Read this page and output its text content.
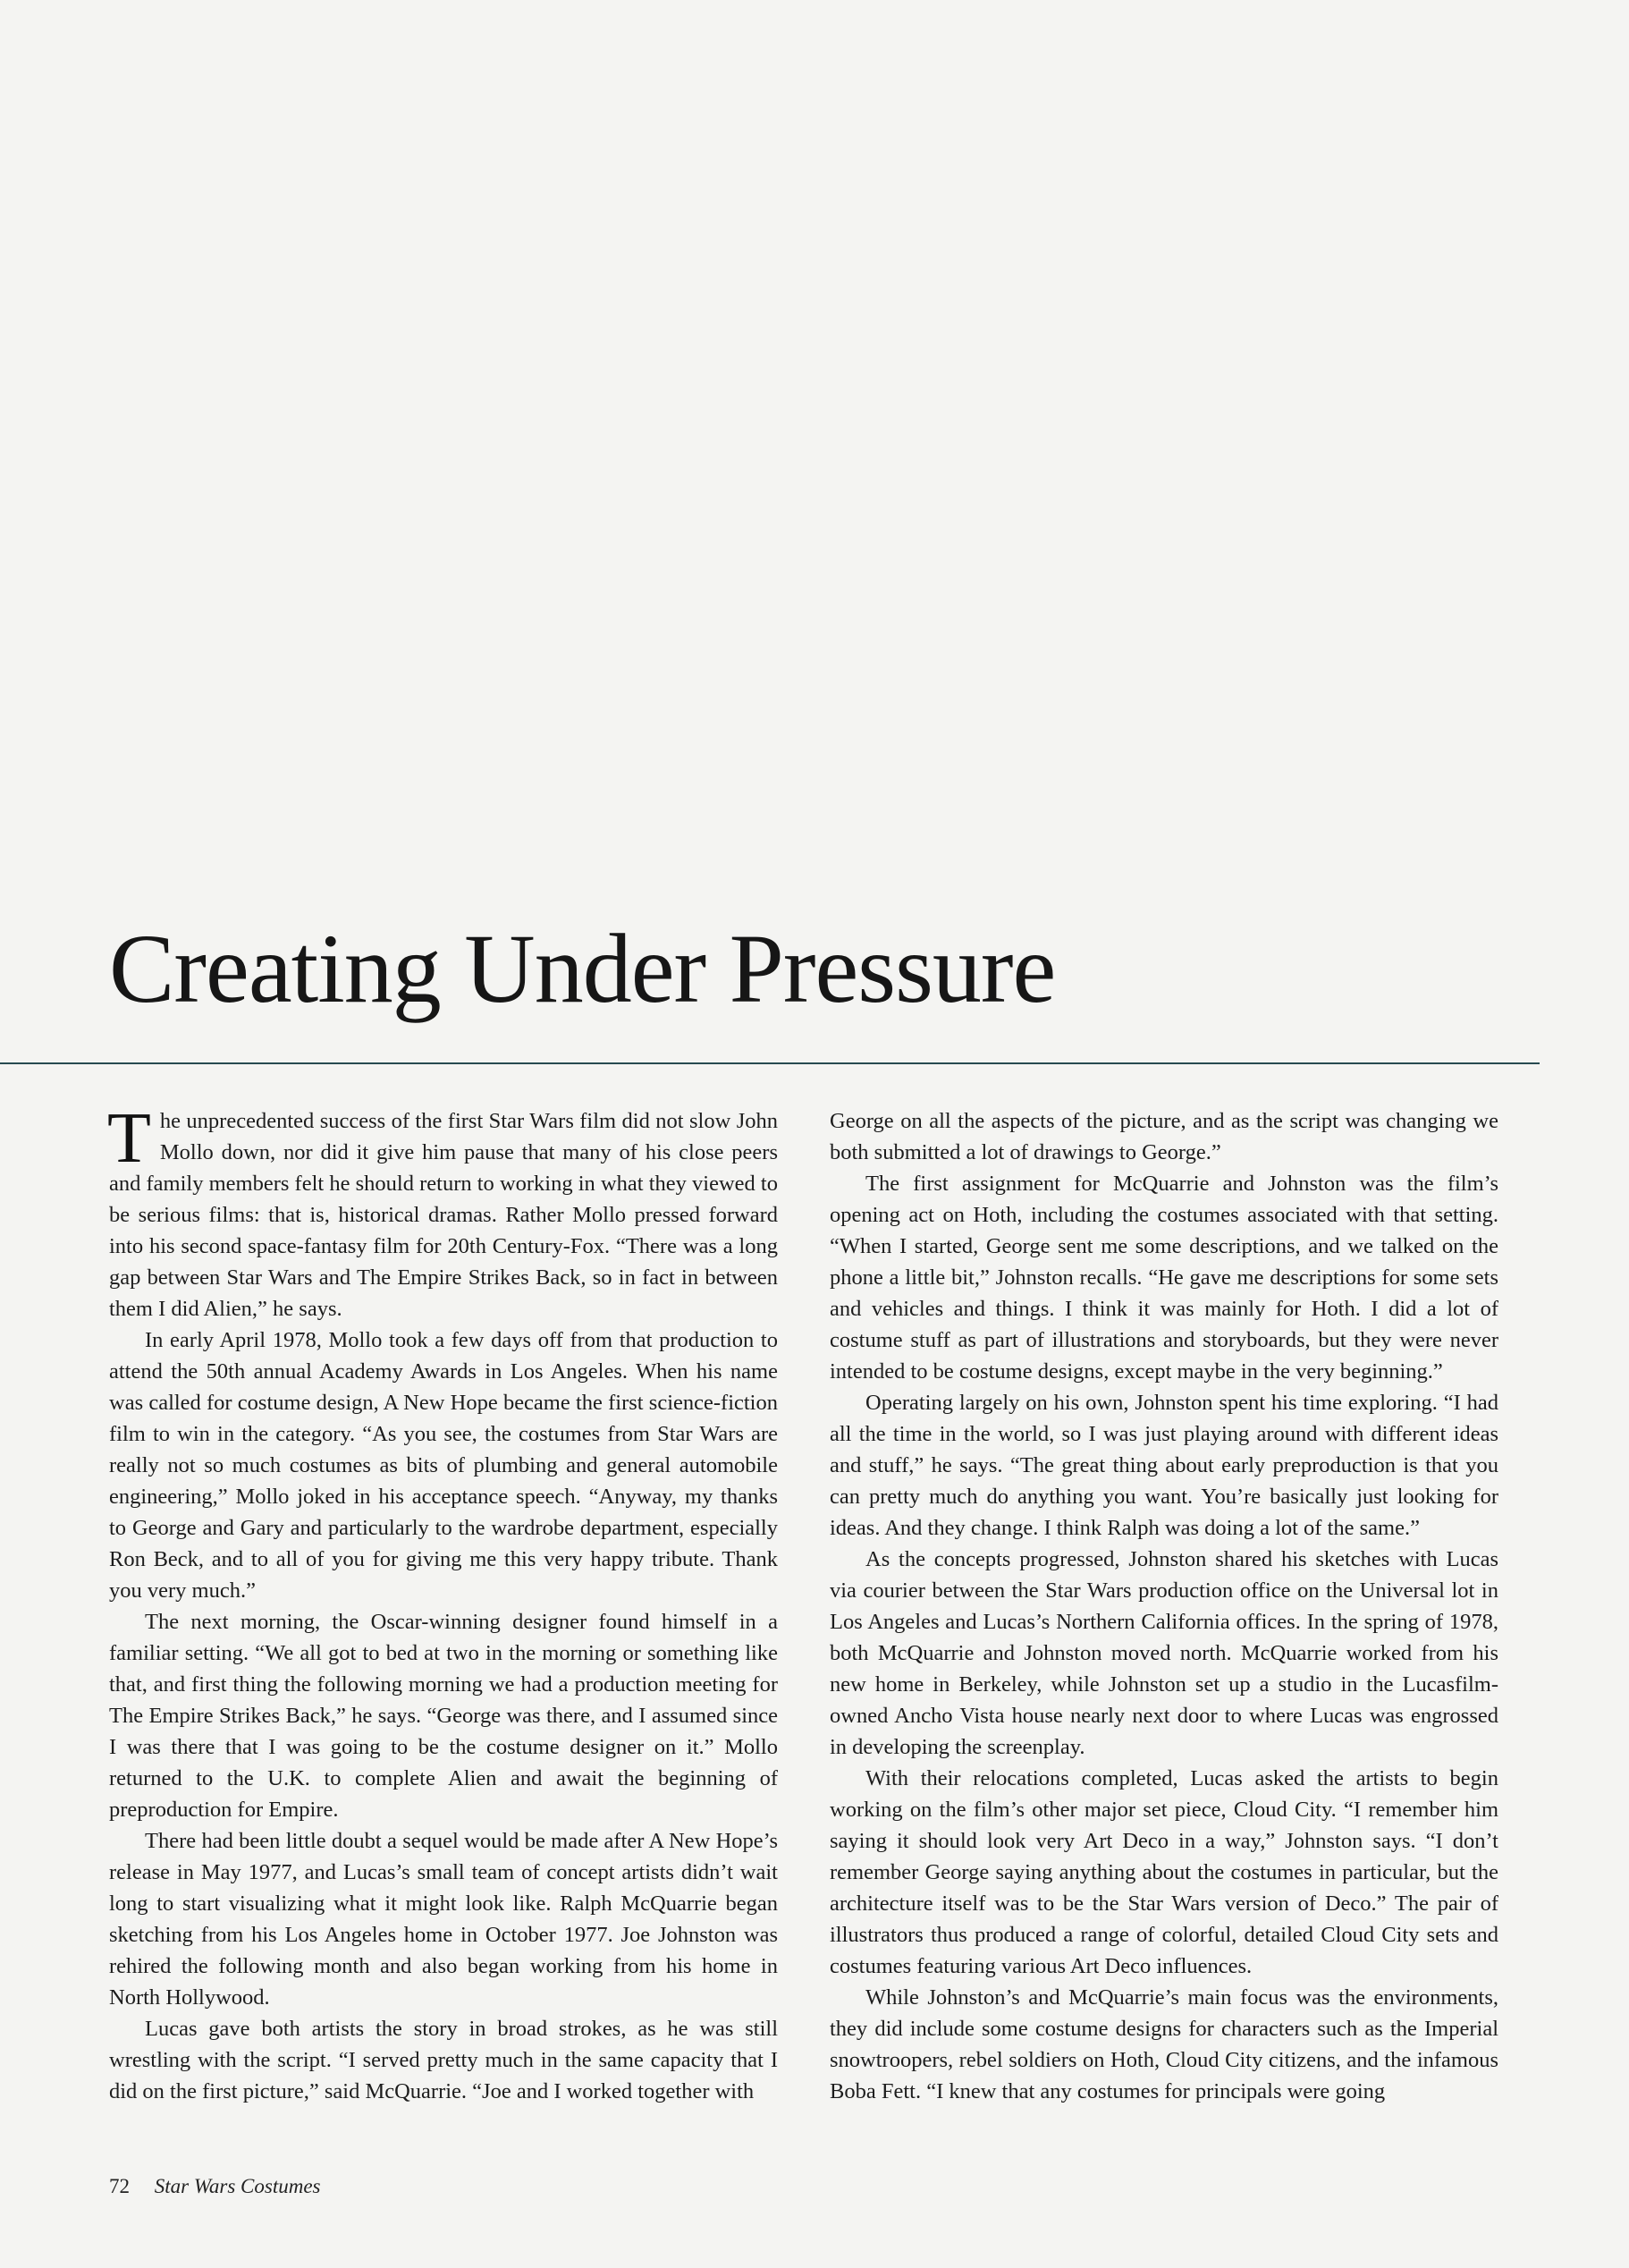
Creating Under Pressure

The unprecedented success of the first Star Wars film did not slow John Mollo down, nor did it give him pause that many of his close peers and family members felt he should return to working in what they viewed to be serious films: that is, historical dramas. Rather Mollo pressed forward into his second space-fantasy film for 20th Century-Fox. “There was a long gap between Star Wars and The Empire Strikes Back, so in fact in between them I did Alien,” he says.

In early April 1978, Mollo took a few days off from that production to attend the 50th annual Academy Awards in Los Angeles. When his name was called for costume design, A New Hope became the first science-fiction film to win in the category. “As you see, the costumes from Star Wars are really not so much costumes as bits of plumbing and general automobile engineering,” Mollo joked in his acceptance speech. “Anyway, my thanks to George and Gary and particularly to the wardrobe department, especially Ron Beck, and to all of you for giving me this very happy tribute. Thank you very much.”

The next morning, the Oscar-winning designer found himself in a familiar setting. “We all got to bed at two in the morning or something like that, and first thing the following morning we had a production meeting for The Empire Strikes Back,” he says. “George was there, and I assumed since I was there that I was going to be the costume designer on it.” Mollo returned to the U.K. to complete Alien and await the beginning of preproduction for Empire.

There had been little doubt a sequel would be made after A New Hope’s release in May 1977, and Lucas’s small team of concept artists didn’t wait long to start visualizing what it might look like. Ralph McQuarrie began sketching from his Los Angeles home in October 1977. Joe Johnston was rehired the following month and also began working from his home in North Hollywood.

Lucas gave both artists the story in broad strokes, as he was still wrestling with the script. “I served pretty much in the same capacity that I did on the first picture,” said McQuarrie. “Joe and I worked together with

George on all the aspects of the picture, and as the script was changing we both submitted a lot of drawings to George.”

The first assignment for McQuarrie and Johnston was the film’s opening act on Hoth, including the costumes associated with that setting. “When I started, George sent me some descriptions, and we talked on the phone a little bit,” Johnston recalls. “He gave me descriptions for some sets and vehicles and things. I think it was mainly for Hoth. I did a lot of costume stuff as part of illustrations and storyboards, but they were never intended to be costume designs, except maybe in the very beginning.”

Operating largely on his own, Johnston spent his time exploring. “I had all the time in the world, so I was just playing around with different ideas and stuff,” he says. “The great thing about early preproduction is that you can pretty much do anything you want. You’re basically just looking for ideas. And they change. I think Ralph was doing a lot of the same.”

As the concepts progressed, Johnston shared his sketches with Lucas via courier between the Star Wars production office on the Universal lot in Los Angeles and Lucas’s Northern California offices. In the spring of 1978, both McQuarrie and Johnston moved north. McQuarrie worked from his new home in Berkeley, while Johnston set up a studio in the Lucasfilm-owned Ancho Vista house nearly next door to where Lucas was engrossed in developing the screenplay.

With their relocations completed, Lucas asked the artists to begin working on the film’s other major set piece, Cloud City. “I remember him saying it should look very Art Deco in a way,” Johnston says. “I don’t remember George saying anything about the costumes in particular, but the architecture itself was to be the Star Wars version of Deco.” The pair of illustrators thus produced a range of colorful, detailed Cloud City sets and costumes featuring various Art Deco influences.

While Johnston’s and McQuarrie’s main focus was the environments, they did include some costume designs for characters such as the Imperial snowtroopers, rebel soldiers on Hoth, Cloud City citizens, and the infamous Boba Fett. “I knew that any costumes for principals were going

72 Star Wars Costumes
